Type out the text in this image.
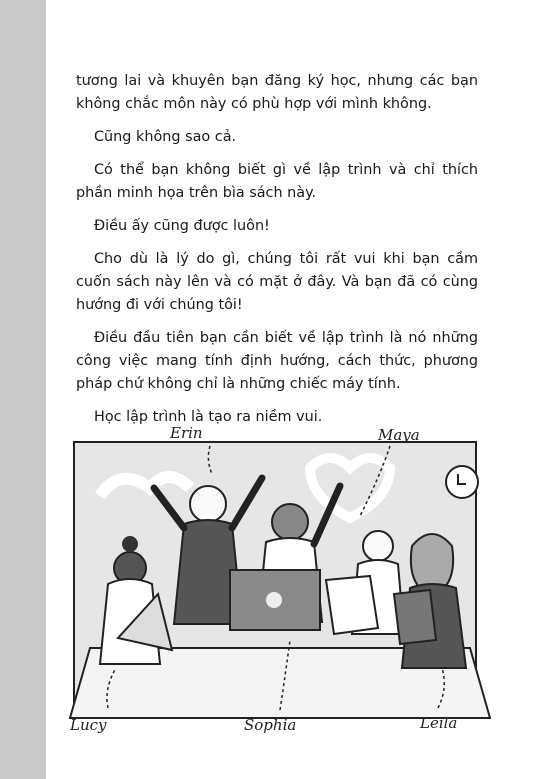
tương lai và khuyên bạn đăng ký học, nhưng các bạn không chắc môn này có phù hợp với mình không.

Cũng không sao cả.

Có thể bạn không biết gì về lập trình và chỉ thích phần minh họa trên bìa sách này.

Điều ấy cũng được luôn!

Cho dù là lý do gì, chúng tôi rất vui khi bạn cầm cuốn sách này lên và có mặt ở đây. Và bạn đã có cùng hướng đi với chúng tôi!

Điều đầu tiên bạn cần biết về lập trình là nó những công việc mang tính định hướng, cách thức, phương pháp chứ không chỉ là những chiếc máy tính.

Học lập trình là tạo ra niềm vui.

Erin	Maya
Lucy	Sophia	Leila
